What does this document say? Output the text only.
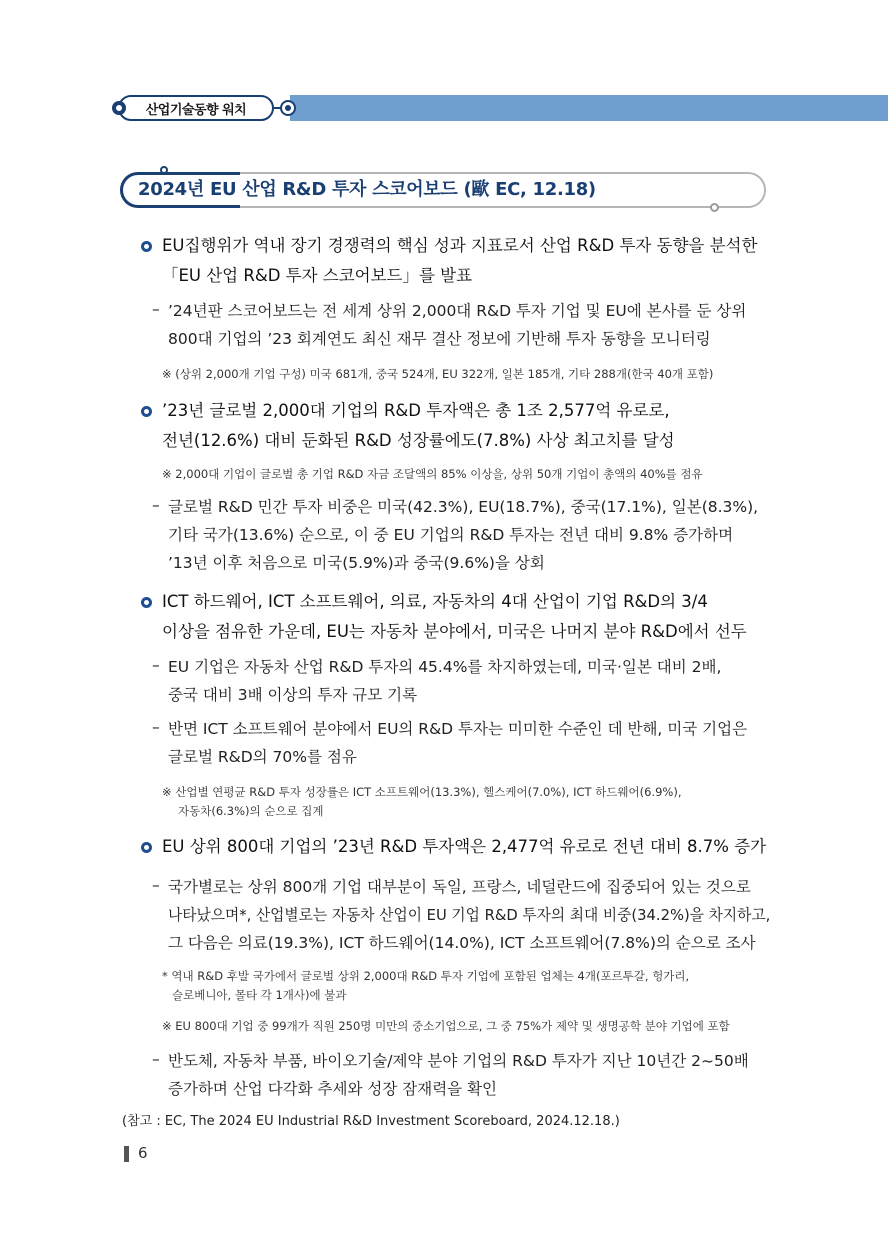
산업기술동향 워치
2024년 EU 산업 R&D 투자 스코어보드 (歐 EC, 12.18)
EU집행위가 역내 장기 경쟁력의 핵심 성과 지표로서 산업 R&D 투자 동향을 분석한
「EU 산업 R&D 투자 스코어보드」를 발표
– ’24년판 스코어보드는 전 세계 상위 2,000대 R&D 투자 기업 및 EU에 본사를 둔 상위
800대 기업의 ’23 회계연도 최신 재무 결산 정보에 기반해 투자 동향을 모니터링
※ (상위 2,000개 기업 구성) 미국 681개, 중국 524개, EU 322개, 일본 185개, 기타 288개(한국 40개 포함)
’23년 글로벌 2,000대 기업의 R&D 투자액은 총 1조 2,577억 유로로,
전년(12.6%) 대비 둔화된 R&D 성장률에도(7.8%) 사상 최고치를 달성
※ 2,000대 기업이 글로벌 총 기업 R&D 자금 조달액의 85% 이상을, 상위 50개 기업이 총액의 40%를 점유
– 글로벌 R&D 민간 투자 비중은 미국(42.3%), EU(18.7%), 중국(17.1%), 일본(8.3%),
기타 국가(13.6%) 순으로, 이 중 EU 기업의 R&D 투자는 전년 대비 9.8% 증가하며
’13년 이후 처음으로 미국(5.9%)과 중국(9.6%)을 상회
ICT 하드웨어, ICT 소프트웨어, 의료, 자동차의 4대 산업이 기업 R&D의 3/4
이상을 점유한 가운데, EU는 자동차 분야에서, 미국은 나머지 분야 R&D에서 선두
– EU 기업은 자동차 산업 R&D 투자의 45.4%를 차지하였는데, 미국·일본 대비 2배,
중국 대비 3배 이상의 투자 규모 기록
– 반면 ICT 소프트웨어 분야에서 EU의 R&D 투자는 미미한 수준인 데 반해, 미국 기업은
글로벌 R&D의 70%를 점유
※ 산업별 연평균 R&D 투자 성장률은 ICT 소프트웨어(13.3%), 헬스케어(7.0%), ICT 하드웨어(6.9%),
자동차(6.3%)의 순으로 집계
EU 상위 800대 기업의 ’23년 R&D 투자액은 2,477억 유로로 전년 대비 8.7% 증가
– 국가별로는 상위 800개 기업 대부분이 독일, 프랑스, 네덜란드에 집중되어 있는 것으로
나타났으며*, 산업별로는 자동차 산업이 EU 기업 R&D 투자의 최대 비중(34.2%)을 차지하고,
그 다음은 의료(19.3%), ICT 하드웨어(14.0%), ICT 소프트웨어(7.8%)의 순으로 조사
* 역내 R&D 후발 국가에서 글로벌 상위 2,000대 R&D 투자 기업에 포함된 업체는 4개(포르투갈, 헝가리,
슬로베니아, 몰타 각 1개사)에 불과
※ EU 800대 기업 중 99개가 직원 250명 미만의 중소기업으로, 그 중 75%가 제약 및 생명공학 분야 기업에 포함
– 반도체, 자동차 부품, 바이오기술/제약 분야 기업의 R&D 투자가 지난 10년간 2~50배
증가하며 산업 다각화 추세와 성장 잠재력을 확인
(참고 : EC, The 2024 EU Industrial R&D Investment Scoreboard, 2024.12.18.)
6
